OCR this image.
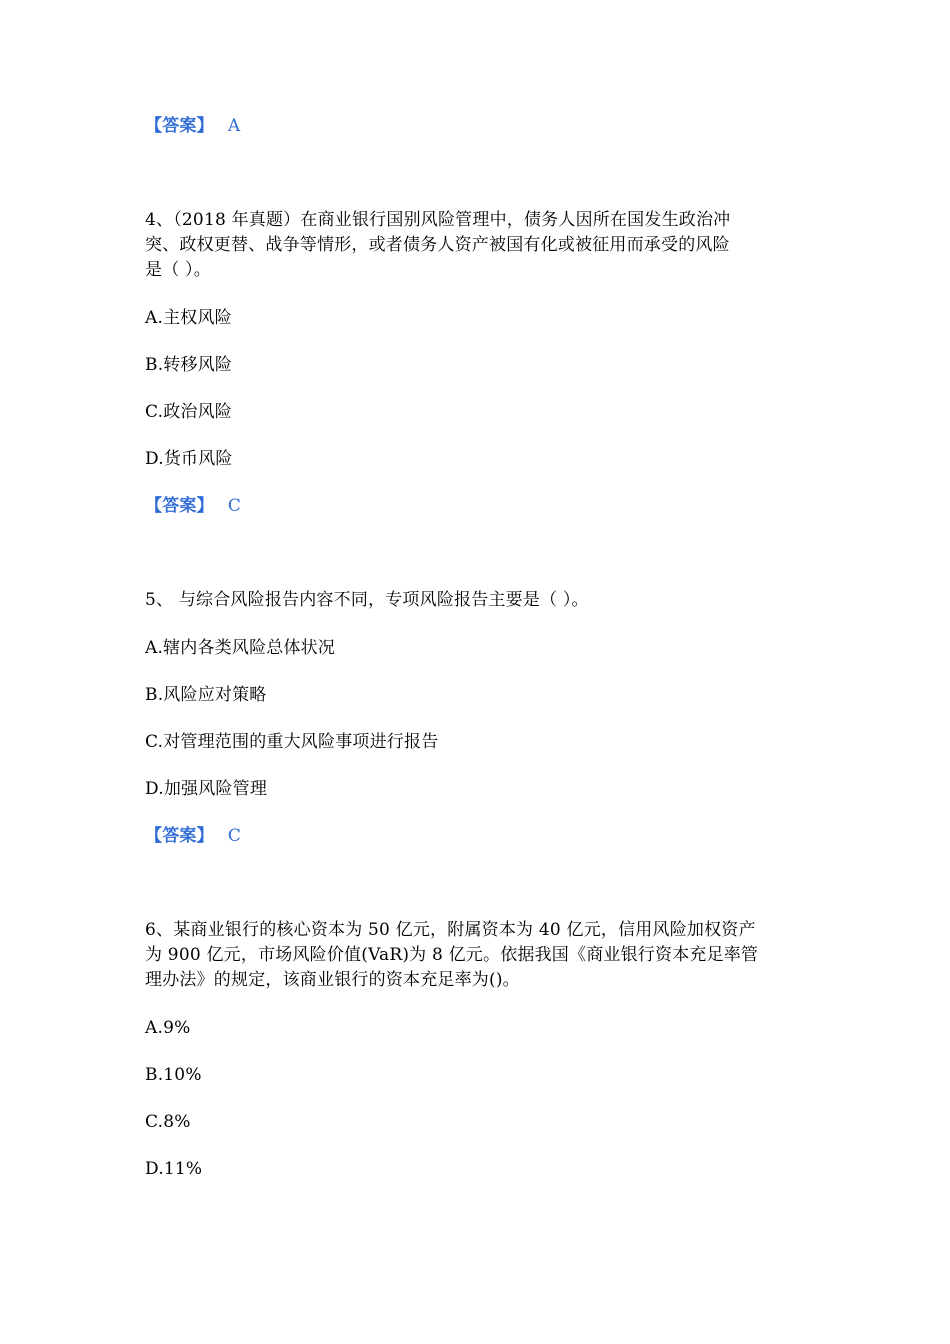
【答案】 A
4、（2018 年真题）在商业银行国别风险管理中，债务人因所在国发生政治冲
突、政权更替、战争等情形，或者债务人资产被国有化或被征用而承受的风险
是（ ）。
A.主权风险
B.转移风险
C.政治风险
D.货币风险
【答案】 C
5、 与综合风险报告内容不同，专项风险报告主要是（ ）。
A.辖内各类风险总体状况
B.风险应对策略
C.对管理范围的重大风险事项进行报告
D.加强风险管理
【答案】 C
6、某商业银行的核心资本为 50 亿元，附属资本为 40 亿元，信用风险加权资产
为 900 亿元，市场风险价值(VaR)为 8 亿元。依据我国《商业银行资本充足率管
理办法》的规定，该商业银行的资本充足率为()。
A.9%
B.10%
C.8%
D.11%
